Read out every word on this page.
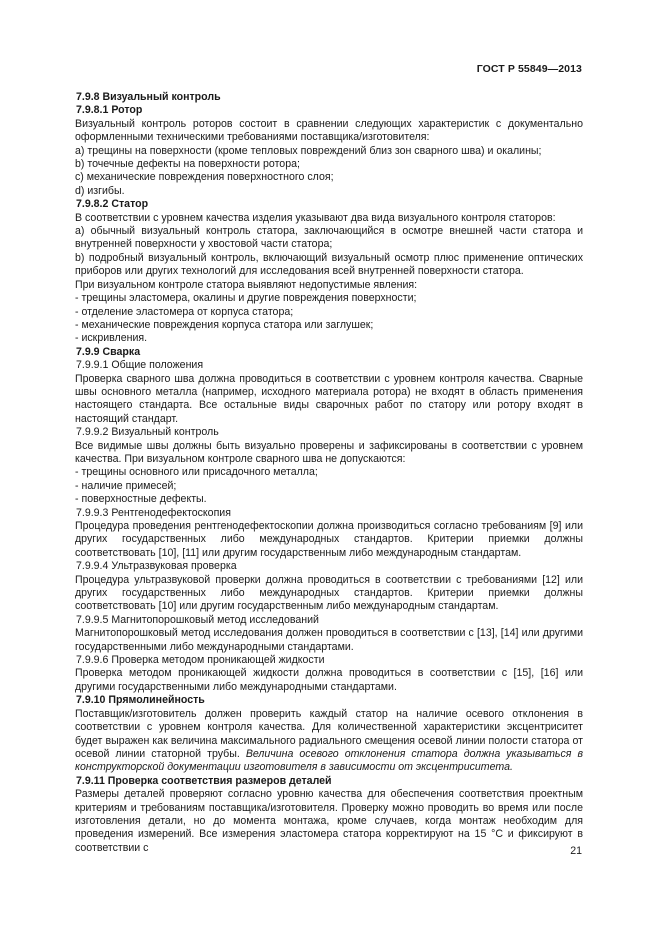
ГОСТ Р 55849—2013

7.9.8 Визуальный контроль

7.9.8.1 Ротор

Визуальный контроль роторов состоит в сравнении следующих характеристик с документально оформленными техническими требованиями поставщика/изготовителя:

a) трещины на поверхности (кроме тепловых повреждений близ зон сварного шва) и окалины;

b) точечные дефекты на поверхности ротора;

c) механические повреждения поверхностного слоя;

d) изгибы.

7.9.8.2 Статор

В соответствии с уровнем качества изделия указывают два вида визуального контроля статоров:

a) обычный визуальный контроль статора, заключающийся в осмотре внешней части статора и внутренней поверхности у хвостовой части статора;

b) подробный визуальный контроль, включающий визуальный осмотр плюс применение оптических приборов или других технологий для исследования всей внутренней поверхности статора.

При визуальном контроле статора выявляют недопустимые явления:

- трещины эластомера, окалины и другие повреждения поверхности;

- отделение эластомера от корпуса статора;

- механические повреждения корпуса статора или заглушек;

- искривления.

7.9.9 Сварка

7.9.9.1 Общие положения

Проверка сварного шва должна проводиться в соответствии с уровнем контроля качества. Сварные швы основного металла (например, исходного материала ротора) не входят в область применения настоящего стандарта. Все остальные виды сварочных работ по статору или ротору входят в настоящий стандарт.

7.9.9.2 Визуальный контроль

Все видимые швы должны быть визуально проверены и зафиксированы в соответствии с уровнем качества. При визуальном контроле сварного шва не допускаются:

- трещины основного или присадочного металла;

- наличие примесей;

- поверхностные дефекты.

7.9.9.3 Рентгенодефектоскопия

Процедура проведения рентгенодефектоскопии должна производиться согласно требованиям [9] или других государственных либо международных стандартов. Критерии приемки должны соответствовать [10], [11] или другим государственным либо международным стандартам.

7.9.9.4 Ультразвуковая проверка

Процедура ультразвуковой проверки должна проводиться в соответствии с требованиями [12] или других государственных либо международных стандартов. Критерии приемки должны соответствовать [10] или другим государственным либо международным стандартам.

7.9.9.5 Магнитопорошковый метод исследований

Магнитопорошковый метод исследования должен проводиться в соответствии с [13], [14] или другими государственными либо международными стандартами.

7.9.9.6 Проверка методом проникающей жидкости

Проверка методом проникающей жидкости должна проводиться в соответствии с [15], [16] или другими государственными либо международными стандартами.

7.9.10 Прямолинейность

Поставщик/изготовитель должен проверить каждый статор на наличие осевого отклонения в соответствии с уровнем контроля качества. Для количественной характеристики эксцентриситет будет выражен как величина максимального радиального смещения осевой линии полости статора от осевой линии статорной трубы. Величина осевого отклонения статора должна указываться в конструкторской документации изготовителя в зависимости от эксцентриситета.

7.9.11 Проверка соответствия размеров деталей

Размеры деталей проверяют согласно уровню качества для обеспечения соответствия проектным критериям и требованиям поставщика/изготовителя. Проверку можно проводить во время или после изготовления детали, но до момента монтажа, кроме случаев, когда монтаж необходим для проведения измерений. Все измерения эластомера статора корректируют на 15 °С и фиксируют в соответствии с	21
